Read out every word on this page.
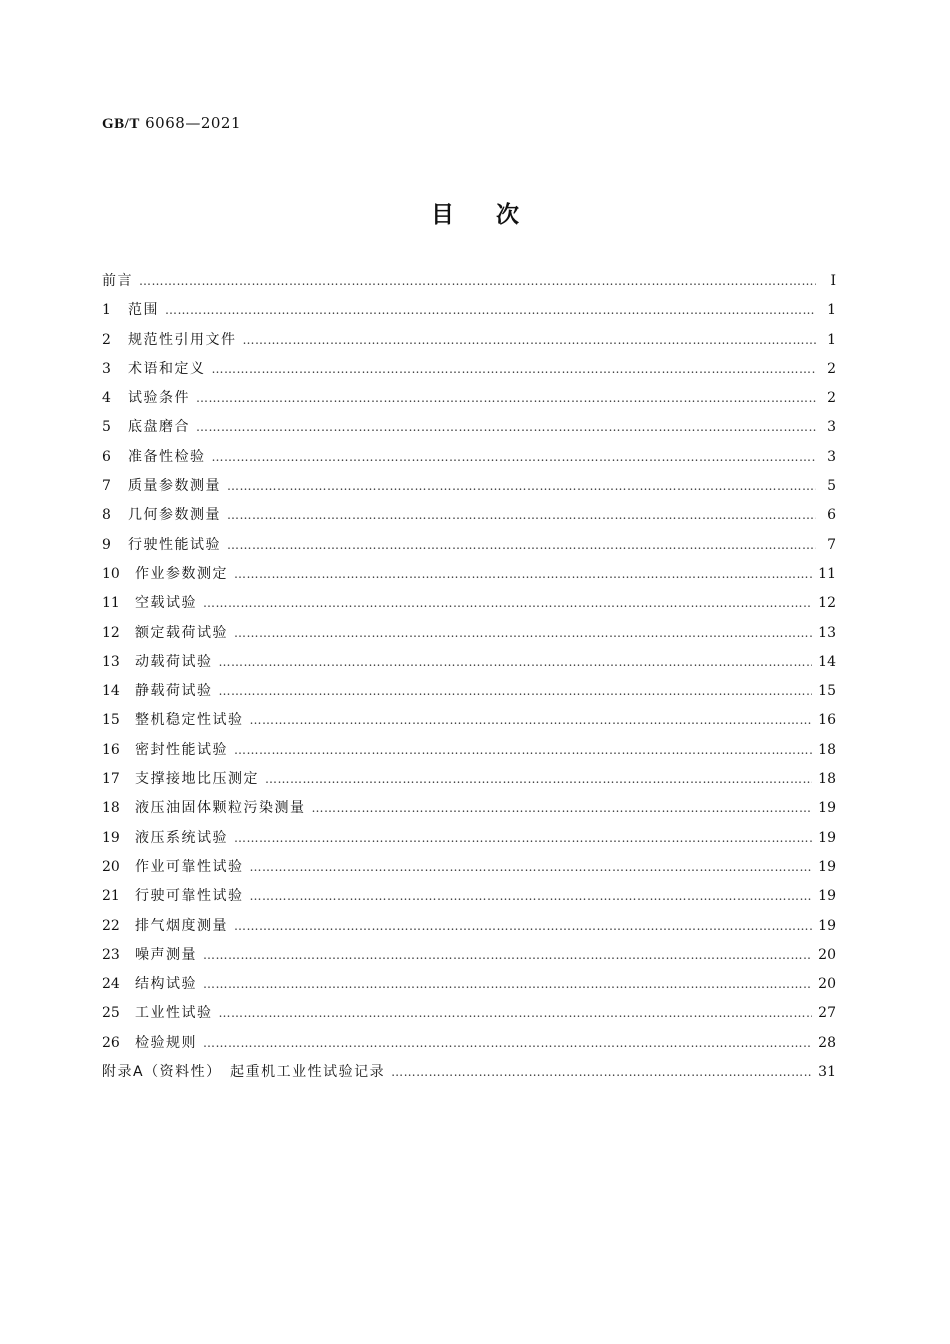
GB/T 6068—2021
目次
前言 …………………………………………………………………………………………………………………………………………………………………………………………………………………………………	Ⅰ
1	范围 …………………………………………………………………………………………………………………………………………………………………………………………………………………………………	1
2	规范性引用文件 …………………………………………………………………………………………………………………………………………………………………………………………………………………………………	1
3	术语和定义 …………………………………………………………………………………………………………………………………………………………………………………………………………………………………	2
4	试验条件 …………………………………………………………………………………………………………………………………………………………………………………………………………………………………	2
5	底盘磨合 …………………………………………………………………………………………………………………………………………………………………………………………………………………………………	3
6	准备性检验 …………………………………………………………………………………………………………………………………………………………………………………………………………………………………	3
7	质量参数测量 …………………………………………………………………………………………………………………………………………………………………………………………………………………………………	5
8	几何参数测量 …………………………………………………………………………………………………………………………………………………………………………………………………………………………………	6
9	行驶性能试验 …………………………………………………………………………………………………………………………………………………………………………………………………………………………………	7
10	作业参数测定 …………………………………………………………………………………………………………………………………………………………………………………………………………………………………	11
11	空载试验 …………………………………………………………………………………………………………………………………………………………………………………………………………………………………	12
12	额定载荷试验 …………………………………………………………………………………………………………………………………………………………………………………………………………………………………	13
13	动载荷试验 …………………………………………………………………………………………………………………………………………………………………………………………………………………………………	14
14	静载荷试验 …………………………………………………………………………………………………………………………………………………………………………………………………………………………………	15
15	整机稳定性试验 …………………………………………………………………………………………………………………………………………………………………………………………………………………………………	16
16	密封性能试验 …………………………………………………………………………………………………………………………………………………………………………………………………………………………………	18
17	支撑接地比压测定 …………………………………………………………………………………………………………………………………………………………………………………………………………………………………	18
18	液压油固体颗粒污染测量 …………………………………………………………………………………………………………………………………………………………………………………………………………………………………	19
19	液压系统试验 …………………………………………………………………………………………………………………………………………………………………………………………………………………………………	19
20	作业可靠性试验 …………………………………………………………………………………………………………………………………………………………………………………………………………………………………	19
21	行驶可靠性试验 …………………………………………………………………………………………………………………………………………………………………………………………………………………………………	19
22	排气烟度测量 …………………………………………………………………………………………………………………………………………………………………………………………………………………………………	19
23	噪声测量 …………………………………………………………………………………………………………………………………………………………………………………………………………………………………	20
24	结构试验 …………………………………………………………………………………………………………………………………………………………………………………………………………………………………	20
25	工业性试验 …………………………………………………………………………………………………………………………………………………………………………………………………………………………………	27
26	检验规则 …………………………………………………………………………………………………………………………………………………………………………………………………………………………………	28
附录A（资料性）　起重机工业性试验记录 …………………………………………………………………………………………………………………………………………………………………………………………………………………………………	31
